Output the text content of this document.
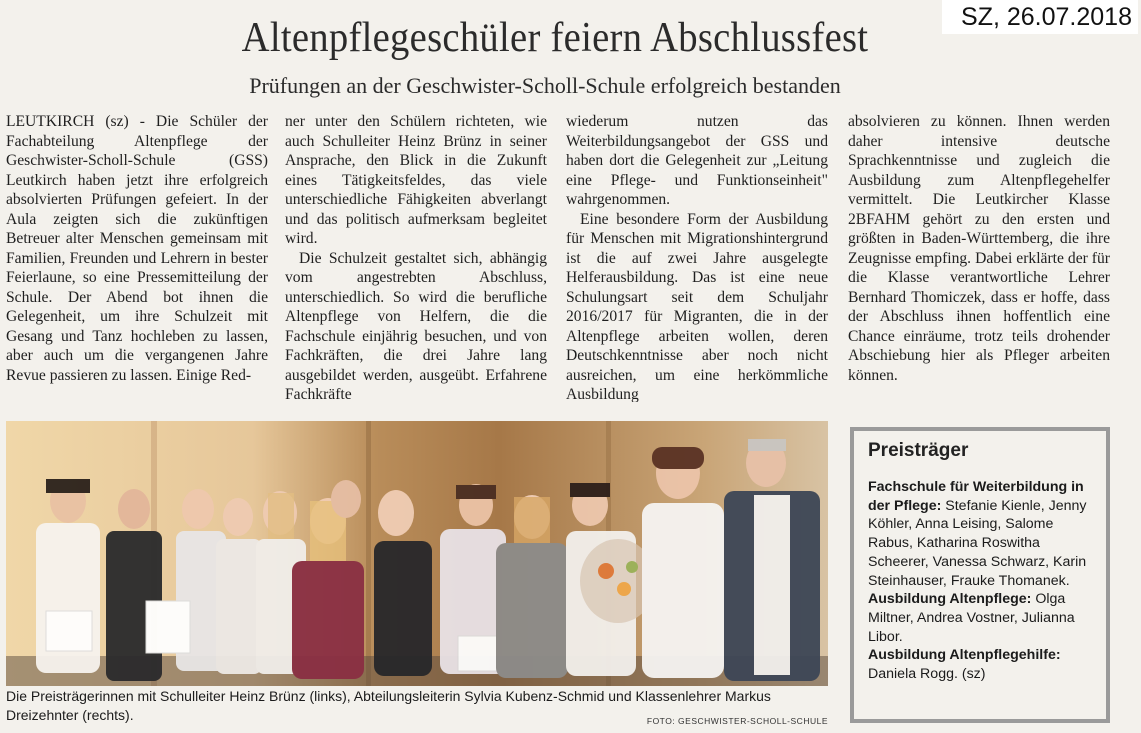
SZ, 26.07.2018
Altenpflegeschüler feiern Abschlussfest
Prüfungen an der Geschwister-Scholl-Schule erfolgreich bestanden

LEUTKIRCH (sz) - Die Schüler der Fachabteilung Altenpflege der Geschwister-Scholl-Schule (GSS) Leutkirch haben jetzt ihre erfolgreich absolvierten Prüfungen gefeiert. In der Aula zeigten sich die zukünftigen Betreuer alter Menschen gemeinsam mit Familien, Freunden und Lehrern in bester Feierlaune, so eine Pressemitteilung der Schule. Der Abend bot ihnen die Gelegenheit, um ihre Schulzeit mit Gesang und Tanz hochleben zu lassen, aber auch um die vergangenen Jahre Revue passieren zu lassen. Einige Red-

ner unter den Schülern richteten, wie auch Schulleiter Heinz Brünz in seiner Ansprache, den Blick in die Zukunft eines Tätigkeitsfeldes, das viele unterschiedliche Fähigkeiten abverlangt und das politisch aufmerksam begleitet wird.

Die Schulzeit gestaltet sich, abhängig vom angestrebten Abschluss, unterschiedlich. So wird die berufliche Altenpflege von Helfern, die die Fachschule einjährig besuchen, und von Fachkräften, die drei Jahre lang ausgebildet werden, ausgeübt. Erfahrene Fachkräfte

wiederum nutzen das Weiterbildungsangebot der GSS und haben dort die Gelegenheit zur „Leitung eine Pflege- und Funktionseinheit" wahrgenommen.

Eine besondere Form der Ausbildung für Menschen mit Migrationshintergrund ist die auf zwei Jahre ausgelegte Helferausbildung. Das ist eine neue Schulungsart seit dem Schuljahr 2016/2017 für Migranten, die in der Altenpflege arbeiten wollen, deren Deutschkenntnisse aber noch nicht ausreichen, um eine herkömmliche Ausbildung

absolvieren zu können. Ihnen werden daher intensive deutsche Sprachkenntnisse und zugleich die Ausbildung zum Altenpflegehelfer vermittelt. Die Leutkircher Klasse 2BFAHM gehört zu den ersten und größten in Baden-Württemberg, die ihre Zeugnisse empfing. Dabei erklärte der für die Klasse verantwortliche Lehrer Bernhard Thomiczek, dass er hoffe, dass der Abschluss ihnen hoffentlich eine Chance einräume, trotz teils drohender Abschiebung hier als Pfleger arbeiten können.

Die Preisträgerinnen mit Schulleiter Heinz Brünz (links), Abteilungsleiterin Sylvia Kubenz-Schmid und Klassenlehrer Markus Dreizehnter (rechts).	FOTO: GESCHWISTER-SCHOLL-SCHULE
Preisträger
Fachschule für Weiterbildung in der Pflege: Stefanie Kienle, Jenny Köhler, Anna Leising, Salome Rabus, Katharina Roswitha Scheerer, Vanessa Schwarz, Karin Steinhauser, Frauke Thomanek.
Ausbildung Altenpflege: Olga Miltner, Andrea Vostner, Julianna Libor.
Ausbildung Altenpflegehilfe:
Daniela Rogg. (sz)
